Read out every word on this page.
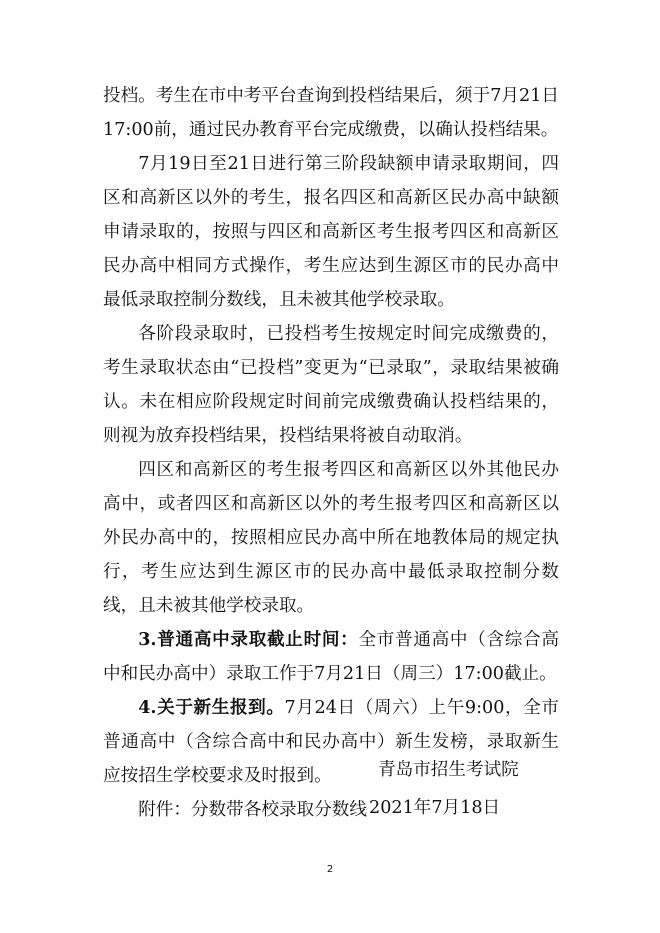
投档。考生在市中考平台查询到投档结果后，须于7月21日17:00前，通过民办教育平台完成缴费，以确认投档结果。

7月19日至21日进行第三阶段缺额申请录取期间，四区和高新区以外的考生，报名四区和高新区民办高中缺额申请录取的，按照与四区和高新区考生报考四区和高新区民办高中相同方式操作，考生应达到生源区市的民办高中最低录取控制分数线，且未被其他学校录取。

各阶段录取时，已投档考生按规定时间完成缴费的，考生录取状态由“已投档”变更为“已录取”，录取结果被确认。未在相应阶段规定时间前完成缴费确认投档结果的，则视为放弃投档结果，投档结果将被自动取消。

四区和高新区的考生报考四区和高新区以外其他民办高中，或者四区和高新区以外的考生报考四区和高新区以外民办高中的，按照相应民办高中所在地教体局的规定执行，考生应达到生源区市的民办高中最低录取控制分数线，且未被其他学校录取。

3.普通高中录取截止时间：全市普通高中（含综合高中和民办高中）录取工作于7月21日（周三）17:00截止。

4.关于新生报到。7月24日（周六）上午9:00，全市普通高中（含综合高中和民办高中）新生发榜，录取新生应按招生学校要求及时报到。

附件：分数带各校录取分数线

青岛市招生考试院
2021年7月18日
2
